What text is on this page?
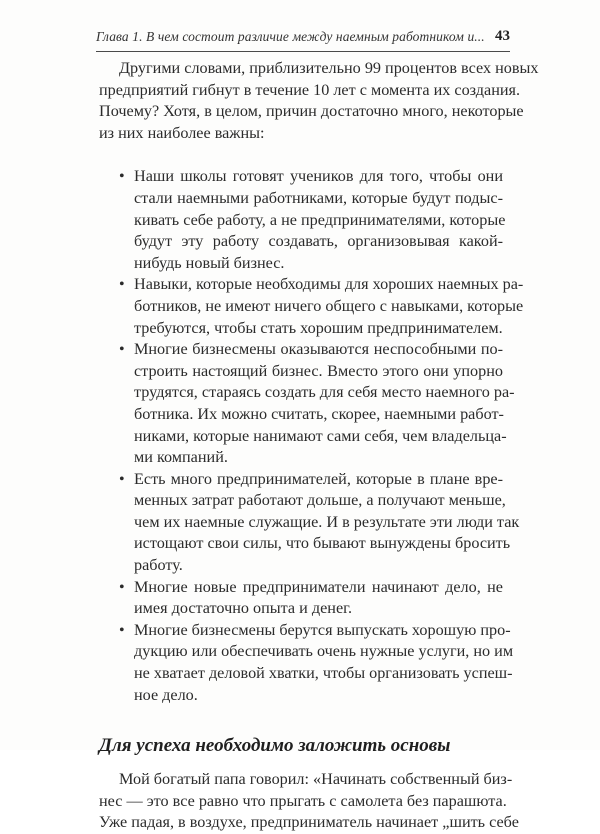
Глава 1. В чем состоит различие между наемным работником и... 43

Другими словами, приблизительно 99 процентов всех новых
предприятий гибнут в течение 10 лет с момента их создания.
Почему? Хотя, в целом, причин достаточно много, некоторые
из них наиболее важны:

• Наши школы готовят учеников для того, чтобы они
стали наемными работниками, которые будут подыс-
кивать себе работу, а не предпринимателями, которые
будут эту работу создавать, организовывая какой-
нибудь новый бизнес.
• Навыки, которые необходимы для хороших наемных ра-
ботников, не имеют ничего общего с навыками, которые
требуются, чтобы стать хорошим предпринимателем.
• Многие бизнесмены оказываются неспособными по-
строить настоящий бизнес. Вместо этого они упорно
трудятся, стараясь создать для себя место наемного ра-
ботника. Их можно считать, скорее, наемными работ-
никами, которые нанимают сами себя, чем владельца-
ми компаний.
• Есть много предпринимателей, которые в плане вре-
менных затрат работают дольше, а получают меньше,
чем их наемные служащие. И в результате эти люди так
истощают свои силы, что бывают вынуждены бросить
работу.
• Многие новые предприниматели начинают дело, не
имея достаточно опыта и денег.
• Многие бизнесмены берутся выпускать хорошую про-
дукцию или обеспечивать очень нужные услуги, но им
не хватает деловой хватки, чтобы организовать успеш-
ное дело.
Для успеха необходимо заложить основы

Мой богатый папа говорил: «Начинать собственный биз-
нес — это все равно что прыгать с самолета без парашюта.
Уже падая, в воздухе, предприниматель начинает „шить себе
